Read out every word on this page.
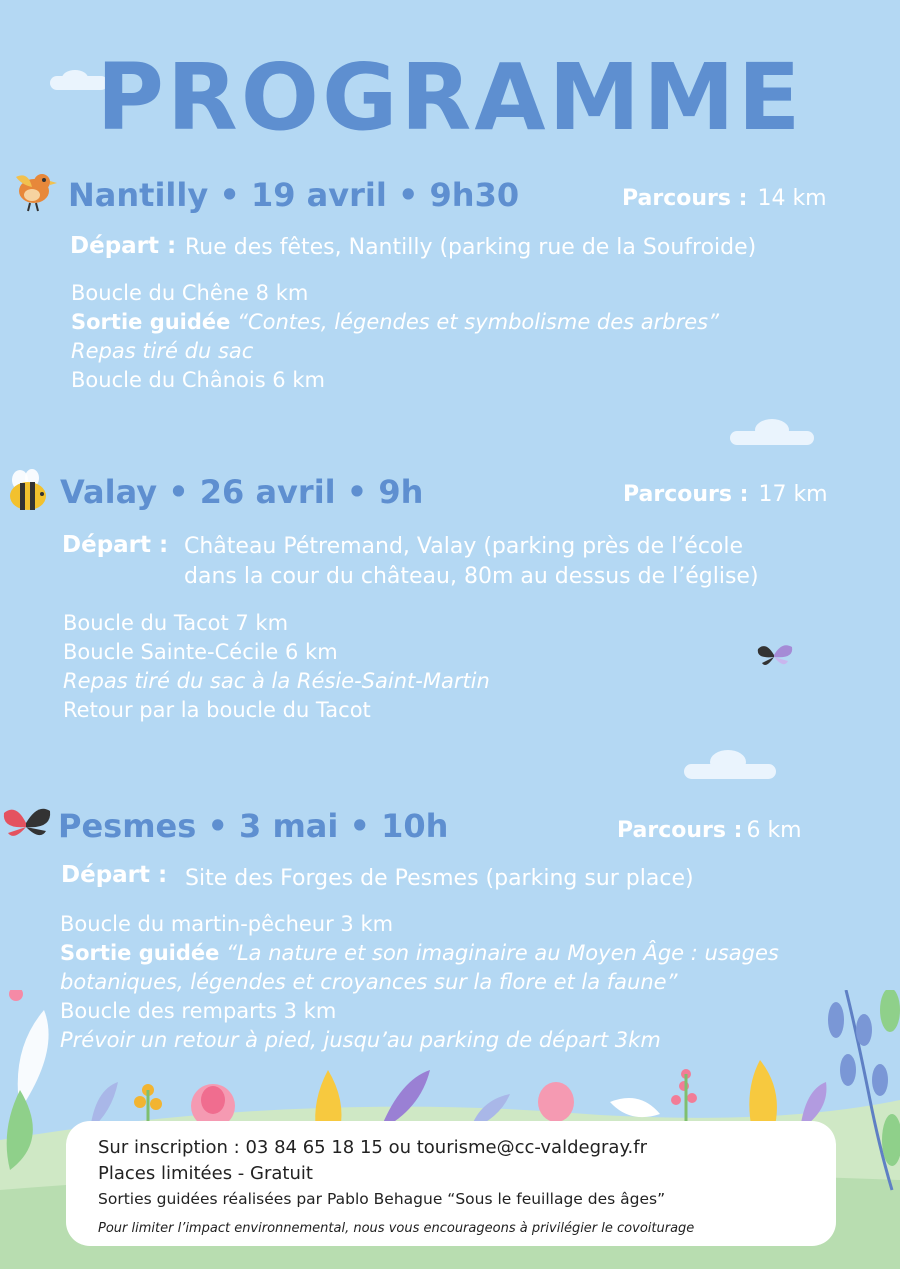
PROGRAMME
Nantilly • 19 avril • 9h30	Parcours : 14 km
Départ : Rue des fêtes, Nantilly (parking rue de la Soufroide)
Boucle du Chêne 8 km
Sortie guidée “Contes, légendes et symbolisme des arbres”
Repas tiré du sac
Boucle du Chânois 6 km
Valay • 26 avril • 9h	Parcours : 17 km
Départ : Château Pétremand, Valay (parking près de l’école
dans la cour du château, 80m au dessus de l’église)
Boucle du Tacot 7 km
Boucle Sainte-Cécile 6 km
Repas tiré du sac à la Résie-Saint-Martin
Retour par la boucle du Tacot
Pesmes • 3 mai • 10h	Parcours : 6 km
Départ : Site des Forges de Pesmes (parking sur place)
Boucle du martin-pêcheur 3 km
Sortie guidée “La nature et son imaginaire au Moyen Âge : usages
botaniques, légendes et croyances sur la flore et la faune”
Boucle des remparts 3 km
Prévoir un retour à pied, jusqu’au parking de départ 3km
Sur inscription : 03 84 65 18 15 ou tourisme@cc-valdegray.fr
Places limitées - Gratuit
Sorties guidées réalisées par Pablo Behague “Sous le feuillage des âges”
Pour limiter l’impact environnemental, nous vous encourageons à privilégier le covoiturage
